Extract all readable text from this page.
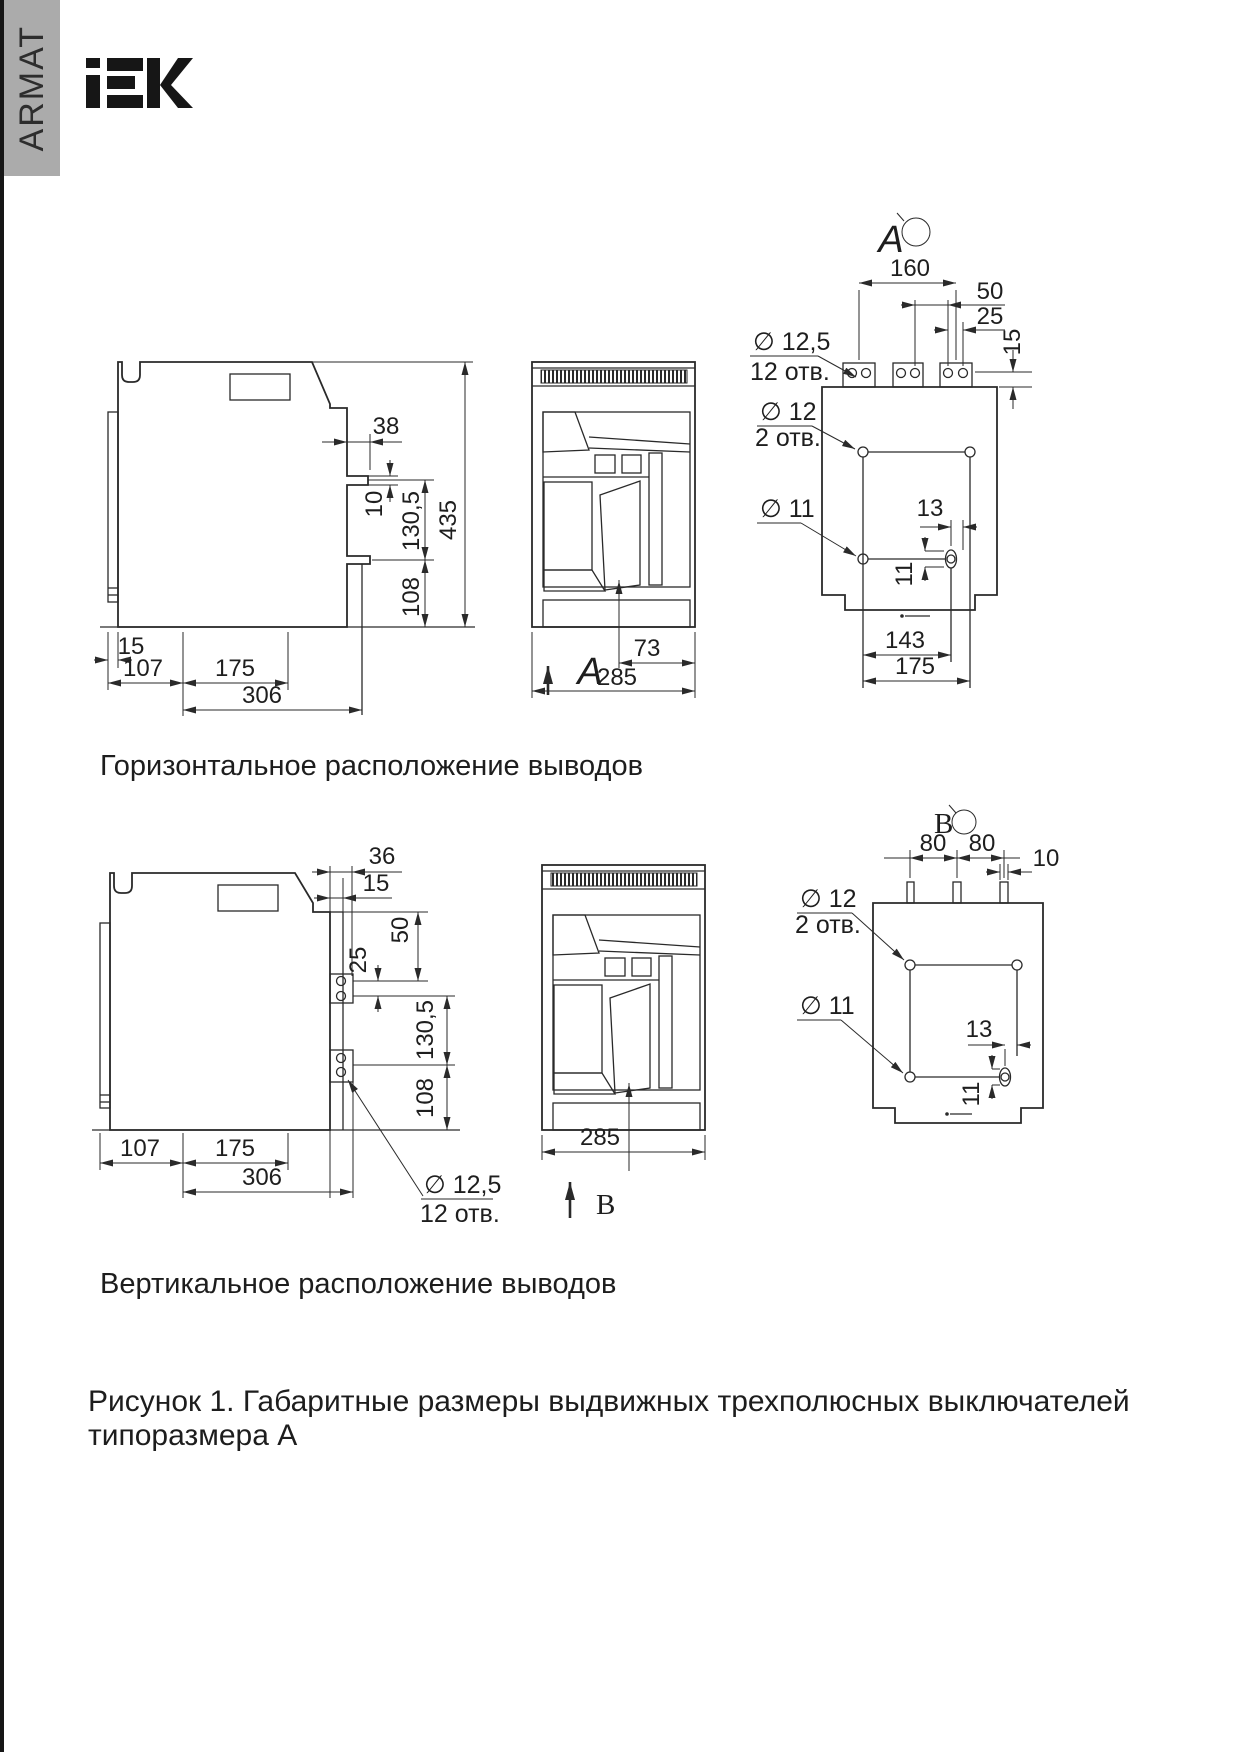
ARMAT
38
10 130,5
108
435
15
107 175
306
A
73
285
A
160
50
25
15
∅ 12,5
12 отв.
∅ 12
2 отв.
∅ 11	13
11
143
175
36
15
50
25
130,5
108
107 175
306	∅ 12,5
12 отв.
285
B
B
80 80
10
∅ 12
2 отв.
∅ 11
13
11
Горизонтальное расположение выводов
Вертикальное расположение выводов
Рисунок 1. Габаритные размеры выдвижных трехполюсных выключателей типоразмера А
